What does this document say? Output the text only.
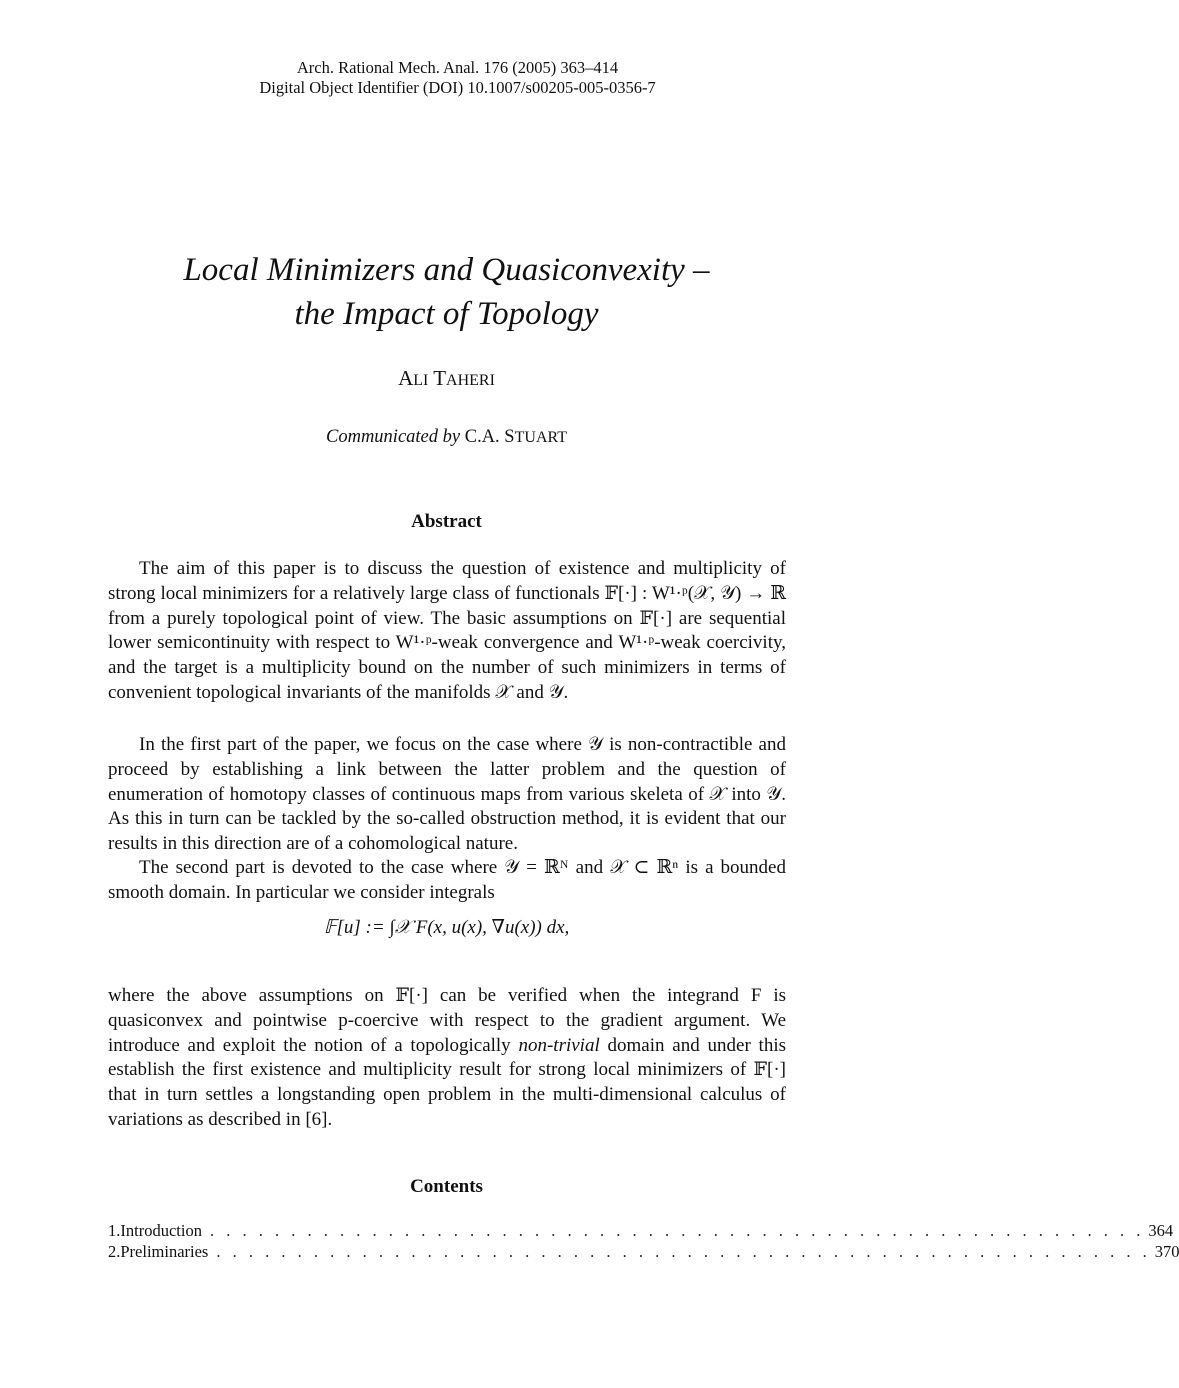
Arch. Rational Mech. Anal. 176 (2005) 363–414
Digital Object Identifier (DOI) 10.1007/s00205-005-0356-7
Local Minimizers and Quasiconvexity –
the Impact of Topology
ALI TAHERI
Communicated by C.A. STUART
Abstract

The aim of this paper is to discuss the question of existence and multiplicity of strong local minimizers for a relatively large class of functionals 𝔽[·] : W¹·ᵖ(𝒳, 𝒴) → ℝ from a purely topological point of view. The basic assumptions on 𝔽[·] are sequential lower semicontinuity with respect to W¹·ᵖ-weak convergence and W¹·ᵖ-weak coercivity, and the target is a multiplicity bound on the number of such minimizers in terms of convenient topological invariants of the manifolds 𝒳 and 𝒴.

In the first part of the paper, we focus on the case where 𝒴 is non-contractible and proceed by establishing a link between the latter problem and the question of enumeration of homotopy classes of continuous maps from various skeleta of 𝒳 into 𝒴. As this in turn can be tackled by the so-called obstruction method, it is evident that our results in this direction are of a cohomological nature.

The second part is devoted to the case where 𝒴 = ℝᴺ and 𝒳 ⊂ ℝⁿ is a bounded smooth domain. In particular we consider integrals

𝔽[u] := ∫𝒳 F(x, u(x), ∇u(x)) dx,

where the above assumptions on 𝔽[·] can be verified when the integrand F is quasiconvex and pointwise p-coercive with respect to the gradient argument. We introduce and exploit the notion of a topologically non-trivial domain and under this establish the first existence and multiplicity result for strong local minimizers of 𝔽[·] that in turn settles a longstanding open problem in the multi-dimensional calculus of variations as described in [6].

Contents
1. Introduction . . . . . . . . . . . . . . . . . . . . . . . . . . . . . . . . . . . . . . . . . . . . . . . . . . . . . . . . . . 364
2. Preliminaries . . . . . . . . . . . . . . . . . . . . . . . . . . . . . . . . . . . . . . . . . . . . . . . . . . . . . . . . . . 370
